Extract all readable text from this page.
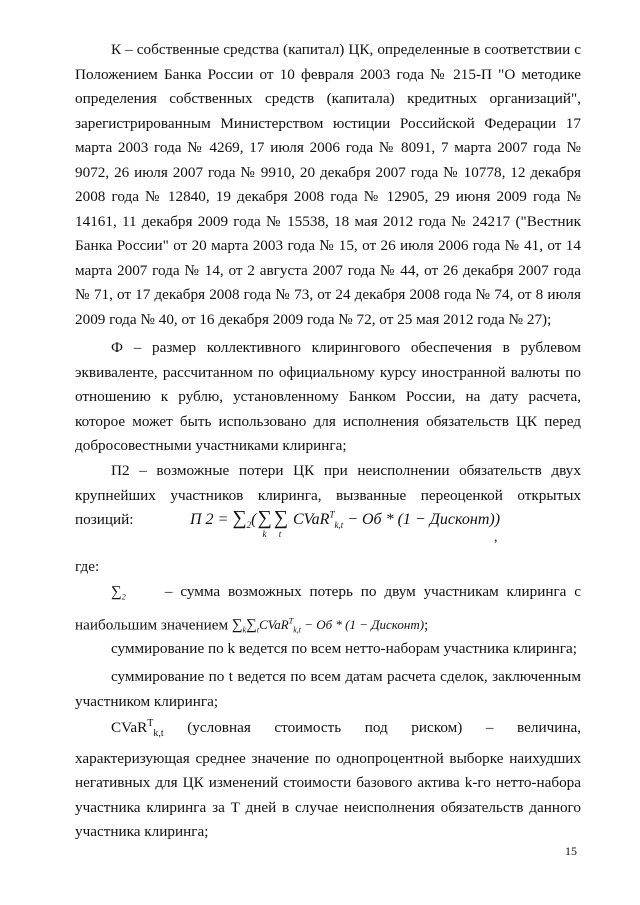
К – собственные средства (капитал) ЦК, определенные в соответствии с Положением Банка России от 10 февраля 2003 года № 215-П "О методике определения собственных средств (капитала) кредитных организаций", зарегистрированным Министерством юстиции Российской Федерации 17 марта 2003 года № 4269, 17 июля 2006 года № 8091, 7 марта 2007 года № 9072, 26 июля 2007 года № 9910, 20 декабря 2007 года № 10778, 12 декабря 2008 года № 12840, 19 декабря 2008 года № 12905, 29 июня 2009 года № 14161, 11 декабря 2009 года № 15538, 18 мая 2012 года № 24217 ("Вестник Банка России" от 20 марта 2003 года № 15, от 26 июля 2006 года № 41, от 14 марта 2007 года № 14, от 2 августа 2007 года № 44, от 26 декабря 2007 года № 71, от 17 декабря 2008 года № 73, от 24 декабря 2008 года № 74, от 8 июля 2009 года № 40, от 16 декабря 2009 года № 72, от 25 мая 2012 года № 27);

Ф – размер коллективного клирингового обеспечения в рублевом эквиваленте, рассчитанном по официальному курсу иностранной валюты по отношению к рублю, установленному Банком России, на дату расчета, которое может быть использовано для исполнения обязательств ЦК перед добросовестными участниками клиринга;

П2 – возможные потери ЦК при неисполнении обязательств двух крупнейших участников клиринга, вызванные переоценкой открытых позиций:	П $2 = \sum_2(\sum$
k
∑
t
CVaR$^T_{k,t}$ − Об * (1 − Дисконт))
,

где:

$\sum_2$	– сумма возможных потерь по двум участникам клиринга с наибольшим значением $\sum_k\sum_tCVaR^T_{k,t}$ − Об * (1 − Дисконт);

суммирование по k ведется по всем нетто-наборам участника клиринга;

суммирование по t ведется по всем датам расчета сделок, заключенным участником клиринга;

CVaR$^T_{k,t}$ (условная стоимость под риском) – величина, характеризующая среднее значение по однопроцентной выборке наихудших негативных для ЦК изменений стоимости базового актива k-го нетто-набора участника клиринга за T дней в случае неисполнения обязательств данного участника клиринга;

15
